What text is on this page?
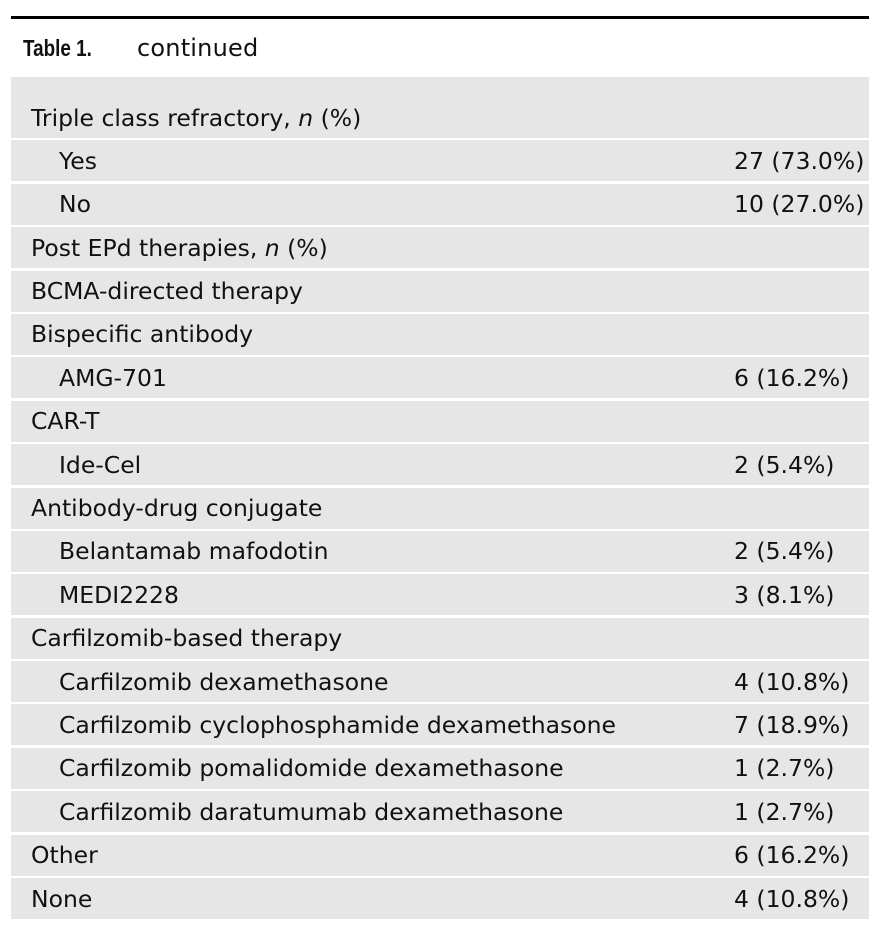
Table 1.	continued
Triple class refractory, n (%)
Yes	27 (73.0%)
No	10 (27.0%)
Post EPd therapies, n (%)
BCMA-directed therapy
Bispecific antibody
AMG-701	6 (16.2%)
CAR-T
Ide-Cel	2 (5.4%)
Antibody-drug conjugate
Belantamab mafodotin	2 (5.4%)
MEDI2228	3 (8.1%)
Carfilzomib-based therapy
Carfilzomib dexamethasone	4 (10.8%)
Carfilzomib cyclophosphamide dexamethasone	7 (18.9%)
Carfilzomib pomalidomide dexamethasone	1 (2.7%)
Carfilzomib daratumumab dexamethasone	1 (2.7%)
Other	6 (16.2%)
None	4 (10.8%)
